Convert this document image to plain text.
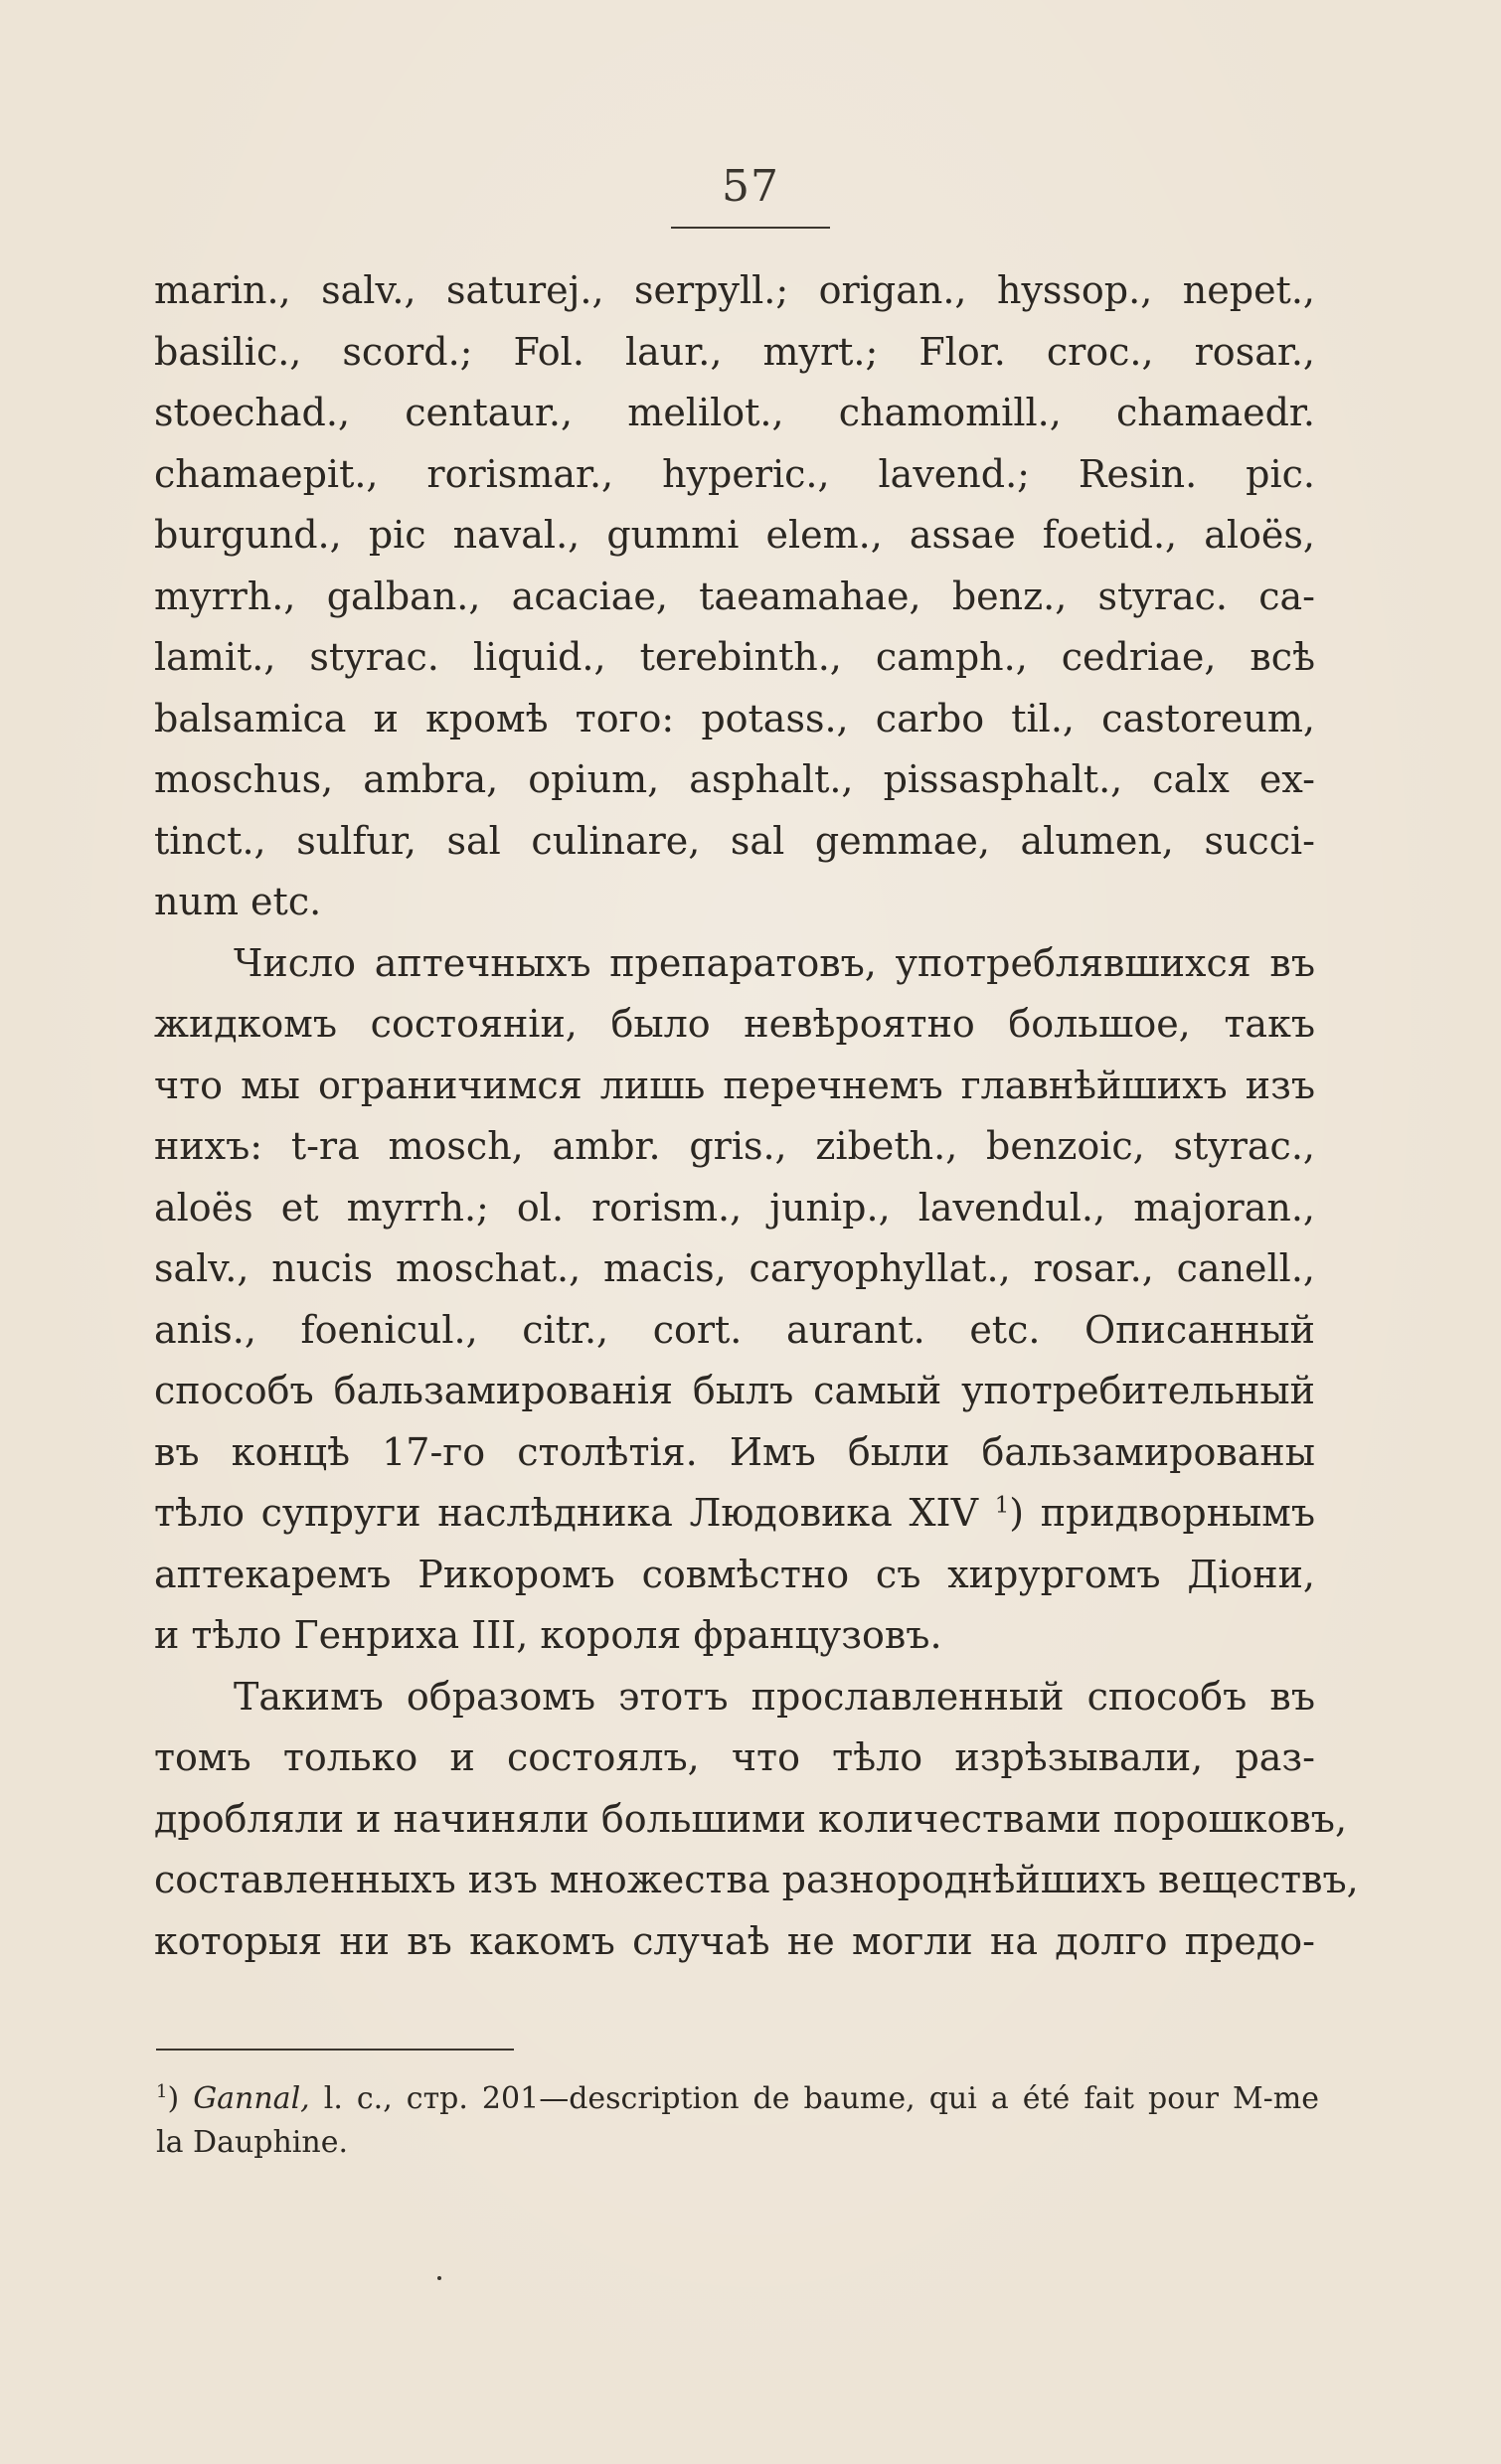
57
marin., salv., saturej., serpyll.; origan., hyssop., nepet.,
basilic., scord.; Fol. laur., myrt.; Flor. croc., rosar.,
stoechad., centaur., melilot., chamomill., chamaedr.
chamaepit., rorismar., hyperic., lavend.; Resin. pic.
burgund., pic naval., gummi elem., assae foetid., aloës,
myrrh., galban., acaciae, taeamahae, benz., styrac. ca-
lamit., styrac. liquid., terebinth., camph., cedriae, всѣ
balsamica и кромѣ того: potass., carbo til., castoreum,
moschus, ambra, opium, asphalt., pissasphalt., calx ex-
tinct., sulfur, sal culinare, sal gemmae, alumen, succi-
num etc.
Число аптечныхъ препаратовъ, употреблявшихся въ
жидкомъ состоянiи, было невѣроятно большое, такъ
что мы ограничимся лишь перечнемъ главнѣйшихъ изъ
нихъ: t-ra mosch, ambr. gris., zibeth., benzoic, styrac.,
aloës et myrrh.; ol. rorism., junip., lavendul., majoran.,
salv., nucis moschat., macis, caryophyllat., rosar., canell.,
anis., foenicul., citr., cort. aurant. etc. Описанный
способъ бальзамированiя былъ самый употребительный
въ концѣ 17-го столѣтiя. Имъ были бальзамированы
тѣло супруги наслѣдника Людовика XIV $^1$) придворнымъ
аптекаремъ Рикоромъ совмѣстно съ хирургомъ Дiони,
и тѣло Генриха III, короля французовъ.
Такимъ образомъ этотъ прославленный способъ въ
томъ только и состоялъ, что тѣло изрѣзывали, раз-
дробляли и начиняли большими количествами порошковъ,
составленныхъ изъ множества разнороднѣйшихъ веществъ,
которыя ни въ какомъ случаѣ не могли на долго предо-
$^1$) Gannal, l. c., стр. 201—description de baume, qui a été fait pour M-me
la Dauphine.
